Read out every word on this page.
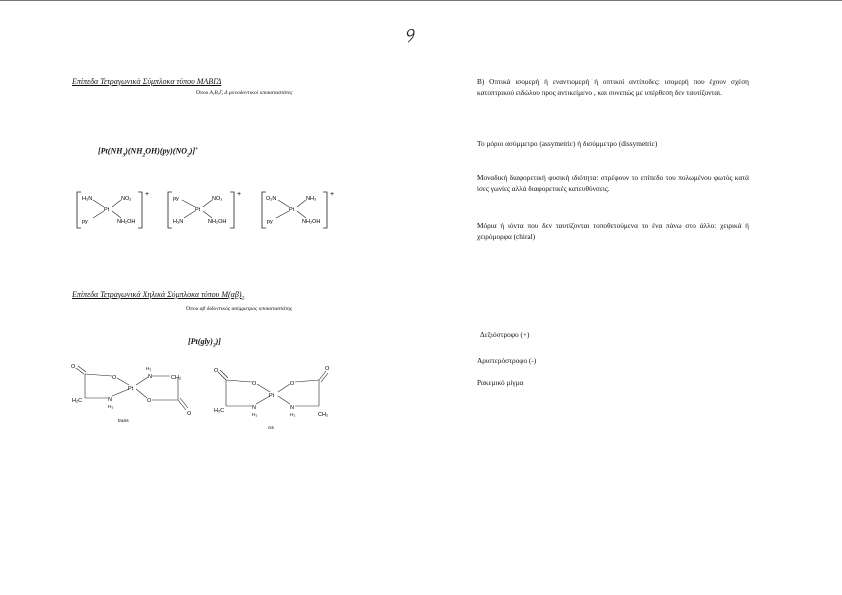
୨
Επίπεδα Τετραγωνικά Σύμπλοκα τύπου ΜΑΒΓΔ
Όπου Α,Β,Γ, Δ μονοδοντικοί υποκαταστάτες
$[Pt(NH_3)(NH_2OH)(py)(NO_2)]^+$
H₃N	NO₂
Pt
py	NH₂OH
+
py	NO₂
Pt
H₃N	NH₂OH
+
O₂N	NH₃
Pt
py	NH₂OH
+
Επίπεδα Τετραγωνικά Χηλικά Σύμπλοκα τύπου $M(\alpha\beta)_2$
Όπου αβ διδοντικός ασύμμετρος υποκαταστάτης
$[Pt(gly)_2)$]
O
O	N
H₂
CH₂
Pt
H₂C	N
H₂
O
O
trans
O
O	O
O
Pt
H₂C	N
H₂
N
H₂	CH₂
cis
Β) Οπτικά ισομερή ή εναντιομερή ή οπτικοί αντίποδες: ισομερή που έχουν σχέση κατοπτρικού ειδώλου προς αντικείμενο , και συνεπώς με υπέρθεση δεν ταυτίζονται.
Το μόριο ασύμμετρο (assymetric) ή δισύμμετρο (dissymetric)
Μοναδική διαφορετική φυσική ιδιότητα: στρέφουν το επίπεδο του πολωμένου φωτός κατά ίσες γωνίες αλλά διαφορετικές κατευθύνσεις.
Μόρια ή ιόντα που δεν ταυτίζονται τοποθετούμενα το ένα πάνω στο άλλο: χειρικά ή χειρόμορφα (chiral)
Δεξιόστροφο (+)
Αριστερόστροφο (-)
Ρακεμικό μίγμα
